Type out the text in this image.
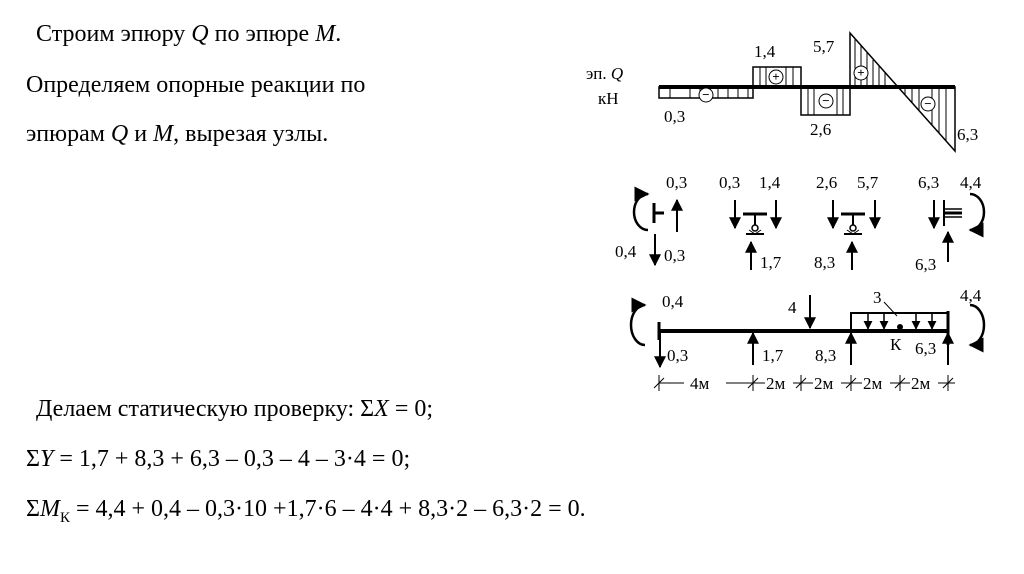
Строим эпюру Q по эпюре M.
Определяем опорные реакции по
эпюрам Q и M, вырезая узлы.
Делаем статическую проверку: ΣX = 0;
ΣY = 1,7 + 8,3 + 6,3 – 0,3 – 4 – 3·4 = 0;
$\Sigma M_К = 4,4 + 0,4 - 0,3\cdot 10 +1,7\cdot 6 - 4\cdot 4 + 8,3\cdot 2 - 6,3\cdot 2 = 0$.
эп. Q
кН	−
+
−
+
−
0,3
1,4 5,7
2,6	6,3
0,3
0,4 0,3
0,3 1,4
1,7
2,6 5,7
8,3
6,3 4,4
6,3
0,4
0,3	1,7
4
8,3
3
К
4,4
6,3
4м	2м 2м 2м 2м
